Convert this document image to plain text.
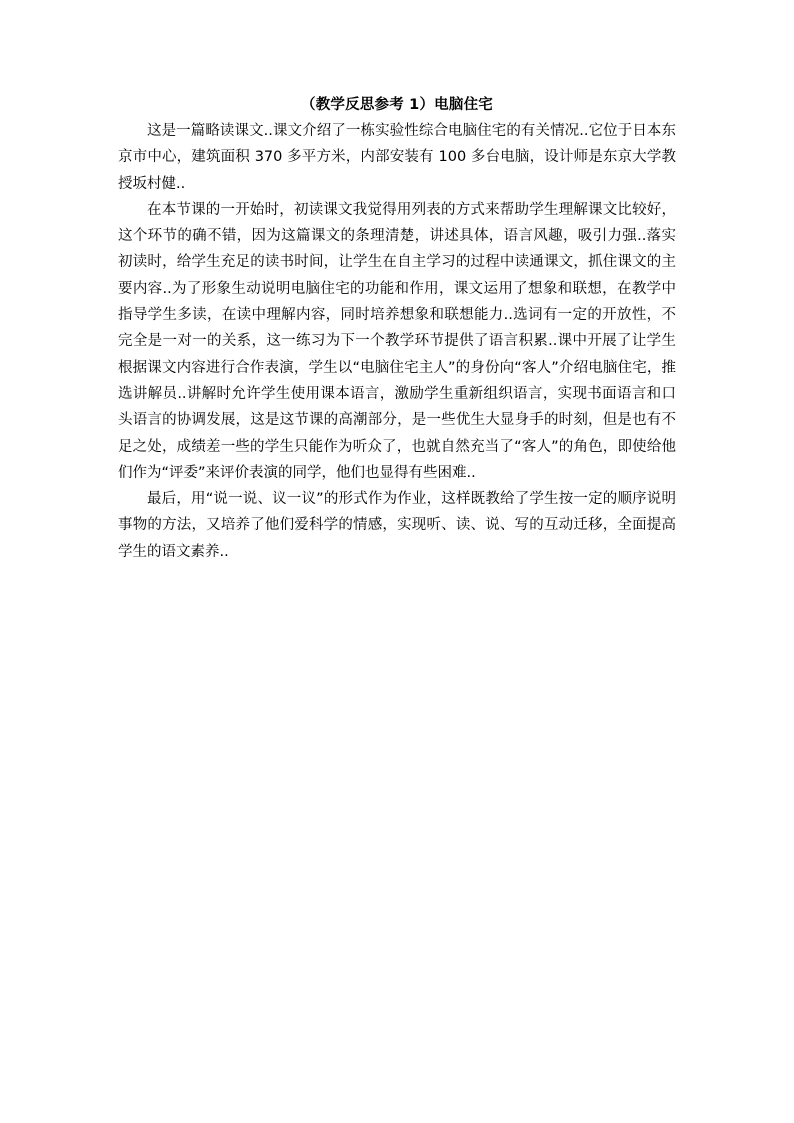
（教学反思参考 1）电脑住宅

这是一篇略读课文..课文介绍了一栋实验性综合电脑住宅的有关情况..它位于日本东京市中心，建筑面积 370 多平方米，内部安装有 100 多台电脑，设计师是东京大学教授坂村健..

在本节课的一开始时，初读课文我觉得用列表的方式来帮助学生理解课文比较好，这个环节的确不错，因为这篇课文的条理清楚，讲述具体，语言风趣，吸引力强..落实初读时，给学生充足的读书时间，让学生在自主学习的过程中读通课文，抓住课文的主要内容..为了形象生动说明电脑住宅的功能和作用，课文运用了想象和联想，在教学中指导学生多读，在读中理解内容，同时培养想象和联想能力..选词有一定的开放性，不完全是一对一的关系，这一练习为下一个教学环节提供了语言积累..课中开展了让学生根据课文内容进行合作表演，学生以“电脑住宅主人”的身份向“客人”介绍电脑住宅，推选讲解员..讲解时允许学生使用课本语言，激励学生重新组织语言，实现书面语言和口头语言的协调发展，这是这节课的高潮部分，是一些优生大显身手的时刻，但是也有不足之处，成绩差一些的学生只能作为听众了，也就自然充当了“客人”的角色，即使给他们作为“评委”来评价表演的同学，他们也显得有些困难..

最后，用“说一说、议一议”的形式作为作业，这样既教给了学生按一定的顺序说明事物的方法，又培养了他们爱科学的情感，实现听、读、说、写的互动迁移，全面提高学生的语文素养..
